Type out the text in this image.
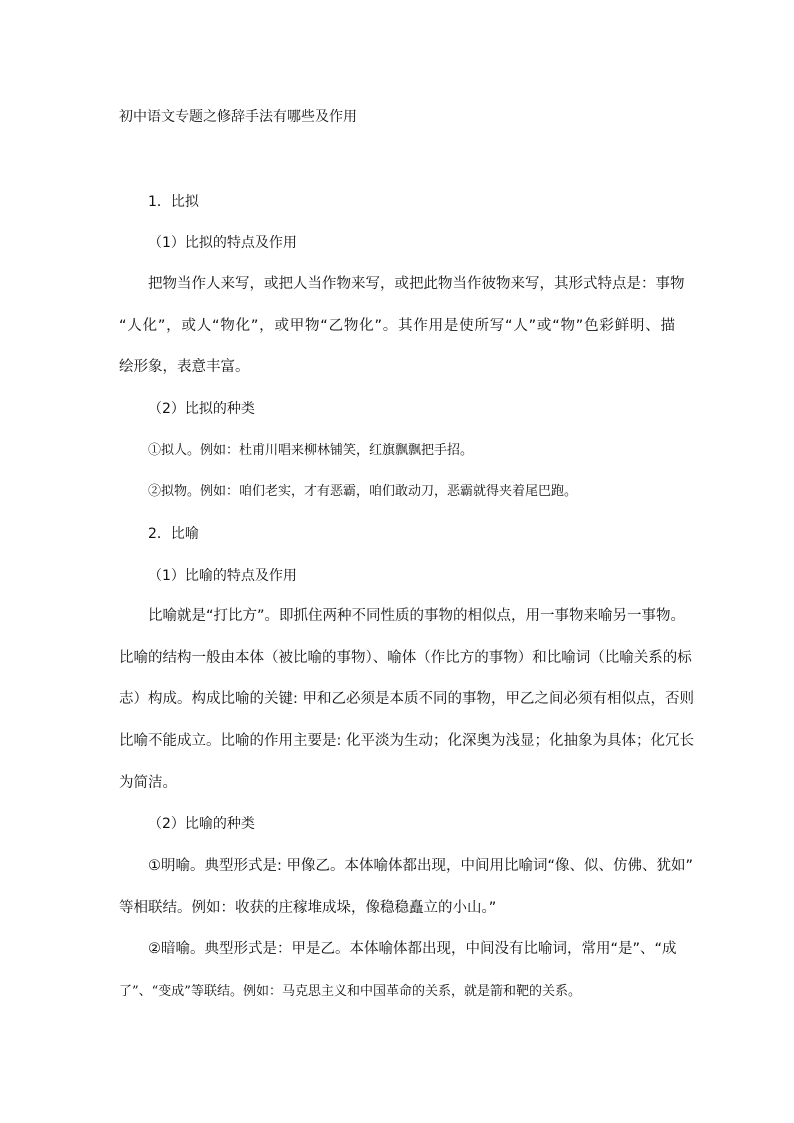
初中语文专题之修辞手法有哪些及作用
1．比拟
（1）比拟的特点及作用
把物当作人来写，或把人当作物来写，或把此物当作彼物来写，其形式特点是：事物
“人化”，或人“物化”，或甲物“乙物化”。其作用是使所写“人”或“物”色彩鲜明、描
绘形象，表意丰富。
（2）比拟的种类
①拟人。例如：杜甫川唱来柳林铺笑，红旗飘飘把手招。
②拟物。例如：咱们老实，才有恶霸，咱们敢动刀，恶霸就得夹着尾巴跑。
2．比喻
（1）比喻的特点及作用
比喻就是“打比方”。即抓住两种不同性质的事物的相似点，用一事物来喻另一事物。
比喻的结构一般由本体（被比喻的事物）、喻体（作比方的事物）和比喻词（比喻关系的标
志）构成。构成比喻的关键: 甲和乙必须是本质不同的事物，甲乙之间必须有相似点，否则
比喻不能成立。比喻的作用主要是: 化平淡为生动；化深奥为浅显；化抽象为具体；化冗长
为简洁。
（2）比喻的种类
①明喻。典型形式是: 甲像乙。本体喻体都出现，中间用比喻词“像、似、仿佛、犹如”
等相联结。例如：收获的庄稼堆成垛，像稳稳矗立的小山。”
②暗喻。典型形式是：甲是乙。本体喻体都出现，中间没有比喻词，常用“是”、“成
了”、“变成”等联结。例如：马克思主义和中国革命的关系，就是箭和靶的关系。
